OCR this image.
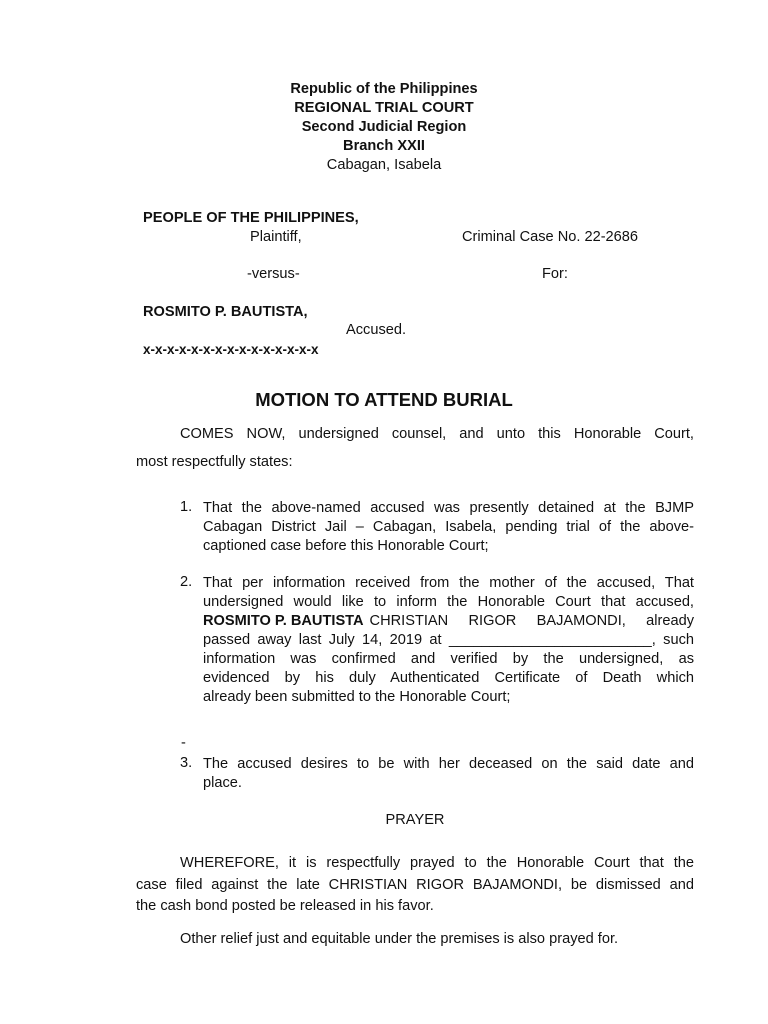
Republic of the Philippines
REGIONAL TRIAL COURT
Second Judicial Region
Branch XXII
Cabagan, Isabela
PEOPLE OF THE PHILIPPINES,
Plaintiff,	Criminal Case No. 22-2686
-versus-	For:
ROSMITO P. BAUTISTA,
Accused.
x-x-x-x-x-x-x-x-x-x-x-x-x-x-x
MOTION TO ATTEND BURIAL
COMES NOW, undersigned counsel, and unto this Honorable Court,
most respectfully states:
1. That the above-named accused was presently detained at the BJMP
Cabagan District Jail – Cabagan, Isabela, pending trial of the above-
captioned case before this Honorable Court;
2. That per information received from the mother of the accused, That
undersigned would like to inform the Honorable Court that accused,
ROSMITO P. BAUTISTA CHRISTIAN RIGOR BAJAMONDI, already
passed away last July 14, 2019 at _________________________, such
information was confirmed and verified by the undersigned, as
evidenced by his duly Authenticated Certificate of Death which
already been submitted to the Honorable Court;
-
3. The accused desires to be with her deceased on the said date and
place.
PRAYER
WHEREFORE, it is respectfully prayed to the Honorable Court that the
case filed against the late CHRISTIAN RIGOR BAJAMONDI, be dismissed and
the cash bond posted be released in his favor.
Other relief just and equitable under the premises is also prayed for.
